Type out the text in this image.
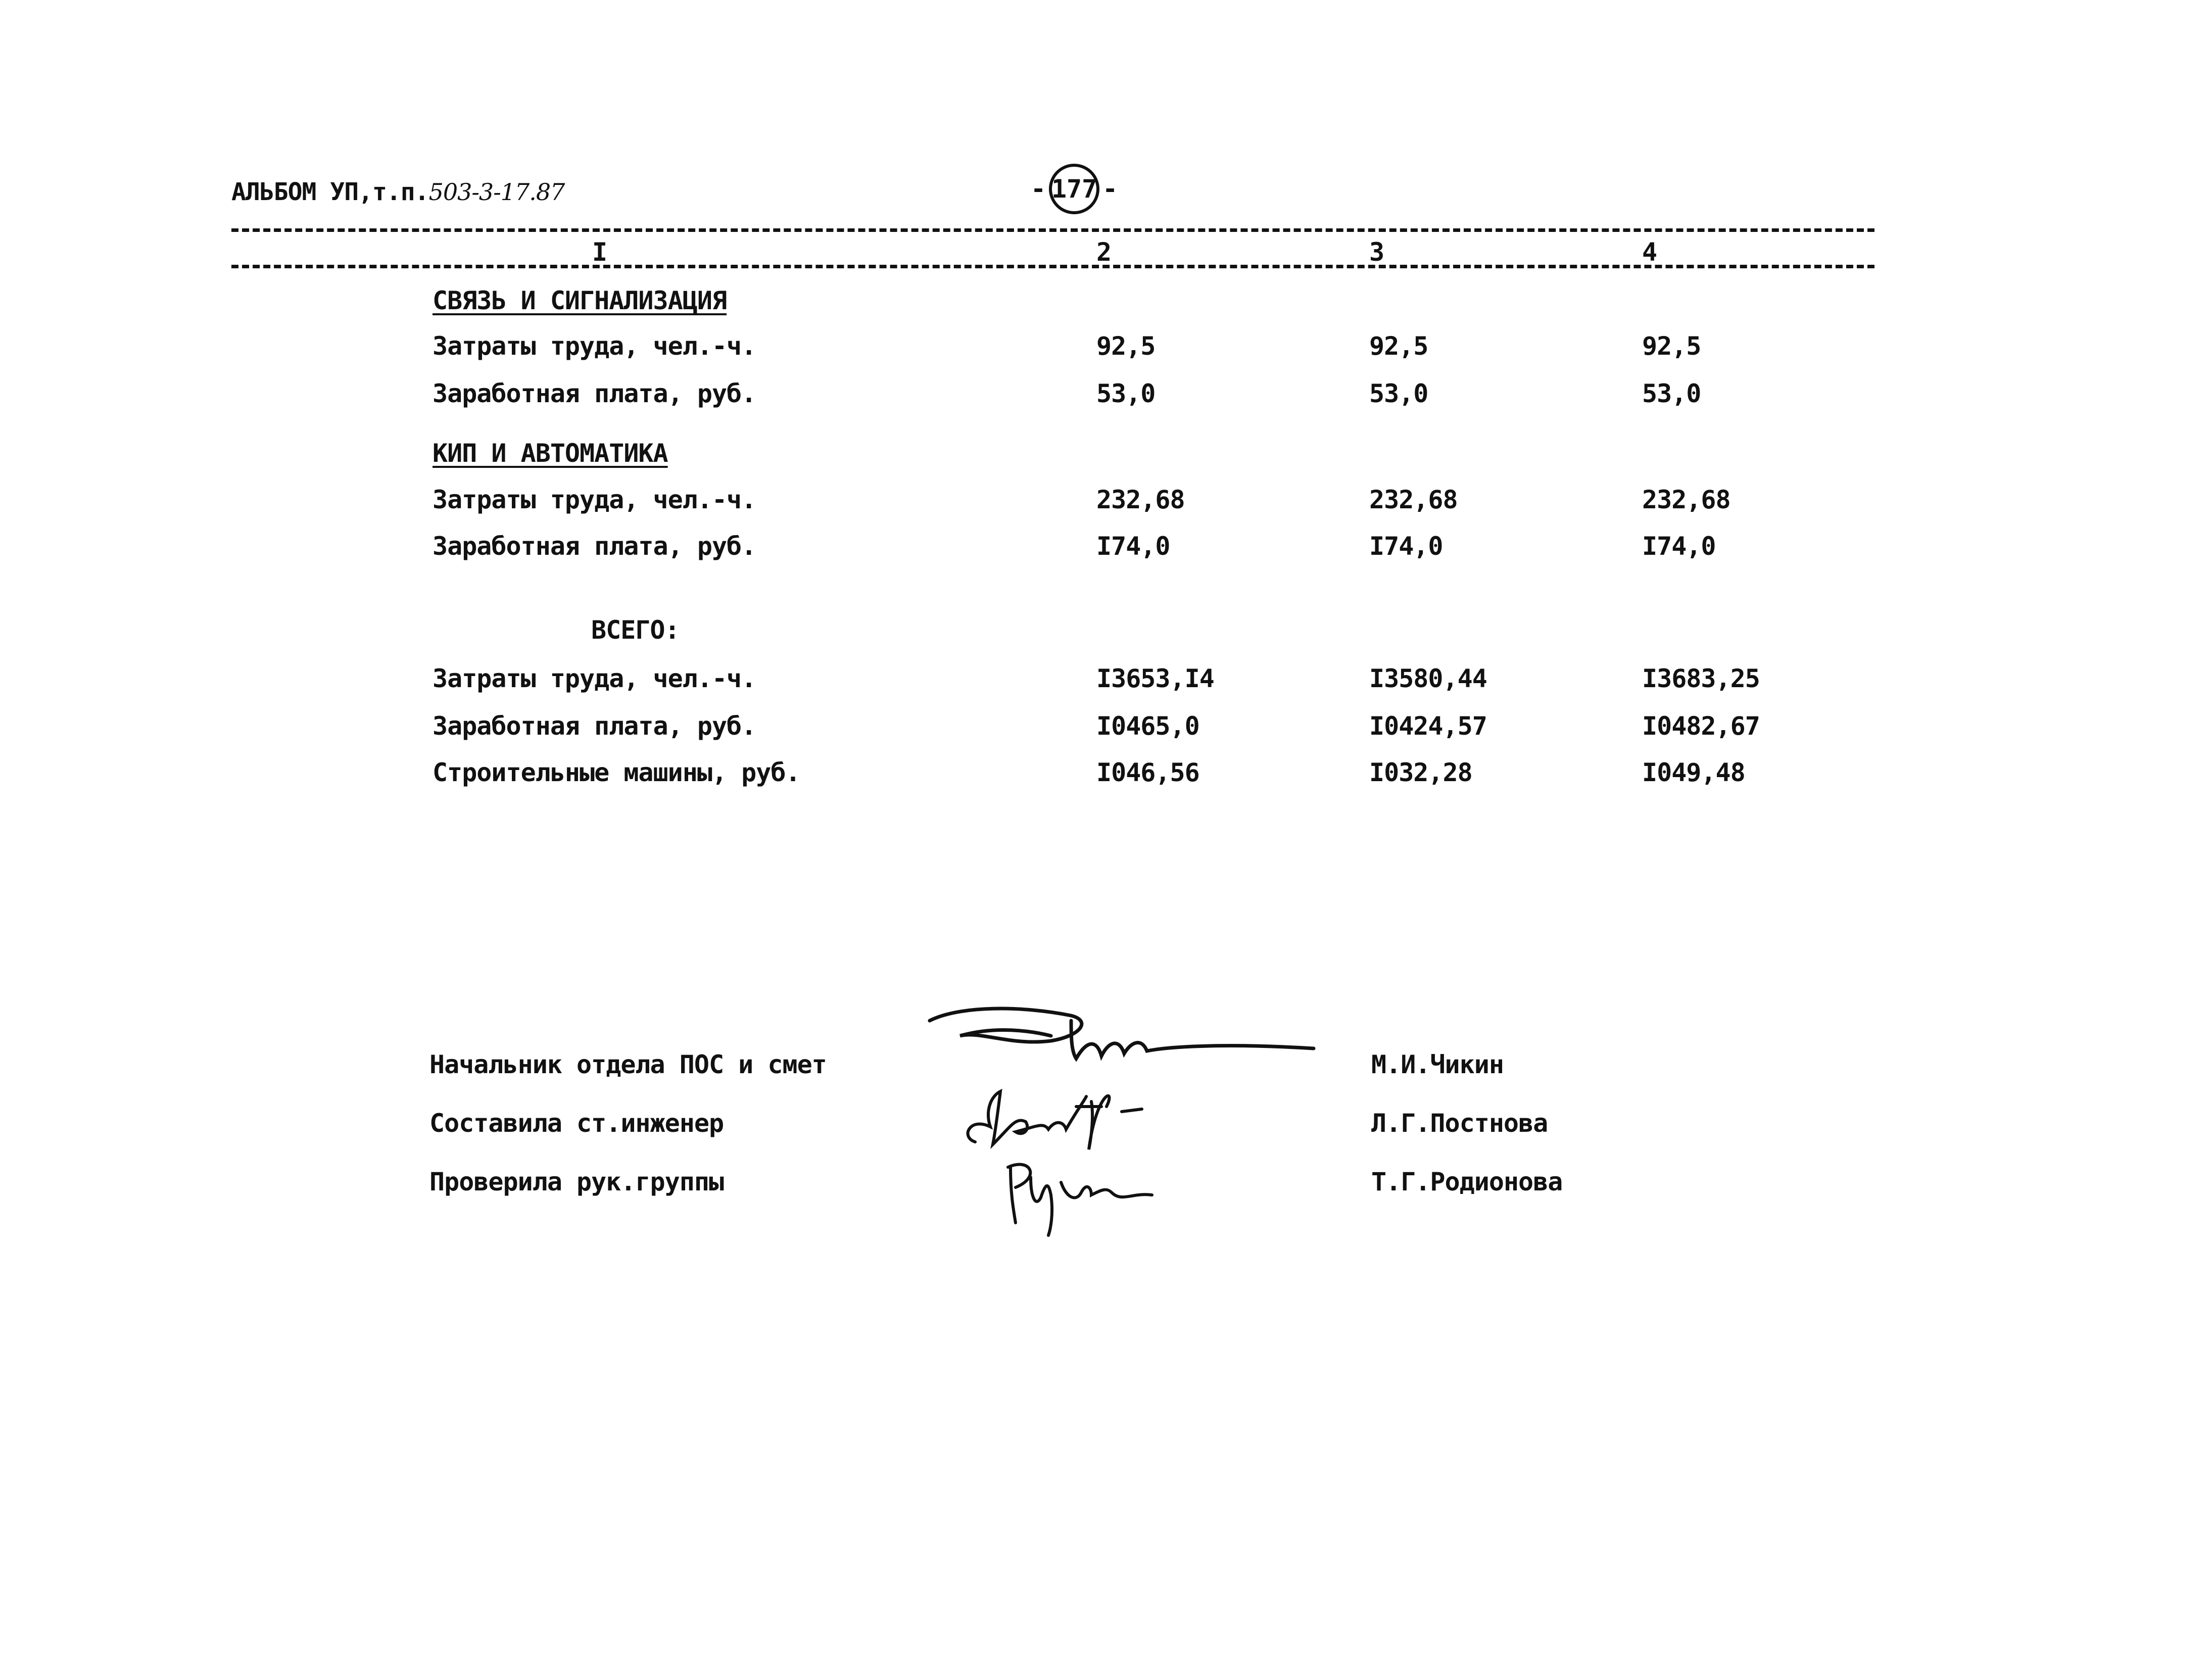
АЛЬБОМ УП,т.п.503-3-17.87	- 177 -
I	2	3	4
СВЯЗЬ И СИГНАЛИЗАЦИЯ
Затраты труда, чел.-ч.	92,5	92,5	92,5
Заработная плата, руб.	53,0	53,0	53,0
КИП И АВТОМАТИКА
Затраты труда, чел.-ч.	232,68	232,68	232,68
Заработная плата, руб.	I74,0	I74,0	I74,0
ВСЕГО:
Затраты труда, чел.-ч.	I3653,I4	I3580,44	I3683,25
Заработная плата, руб.	I0465,0	I0424,57	I0482,67
Строительные машины, руб.	I046,56	I032,28	I049,48
Начальник отдела ПОС и смет	М.И.Чикин
Составила ст.инженер	Л.Г.Постнова
Проверила рук.группы	Т.Г.Родионова
